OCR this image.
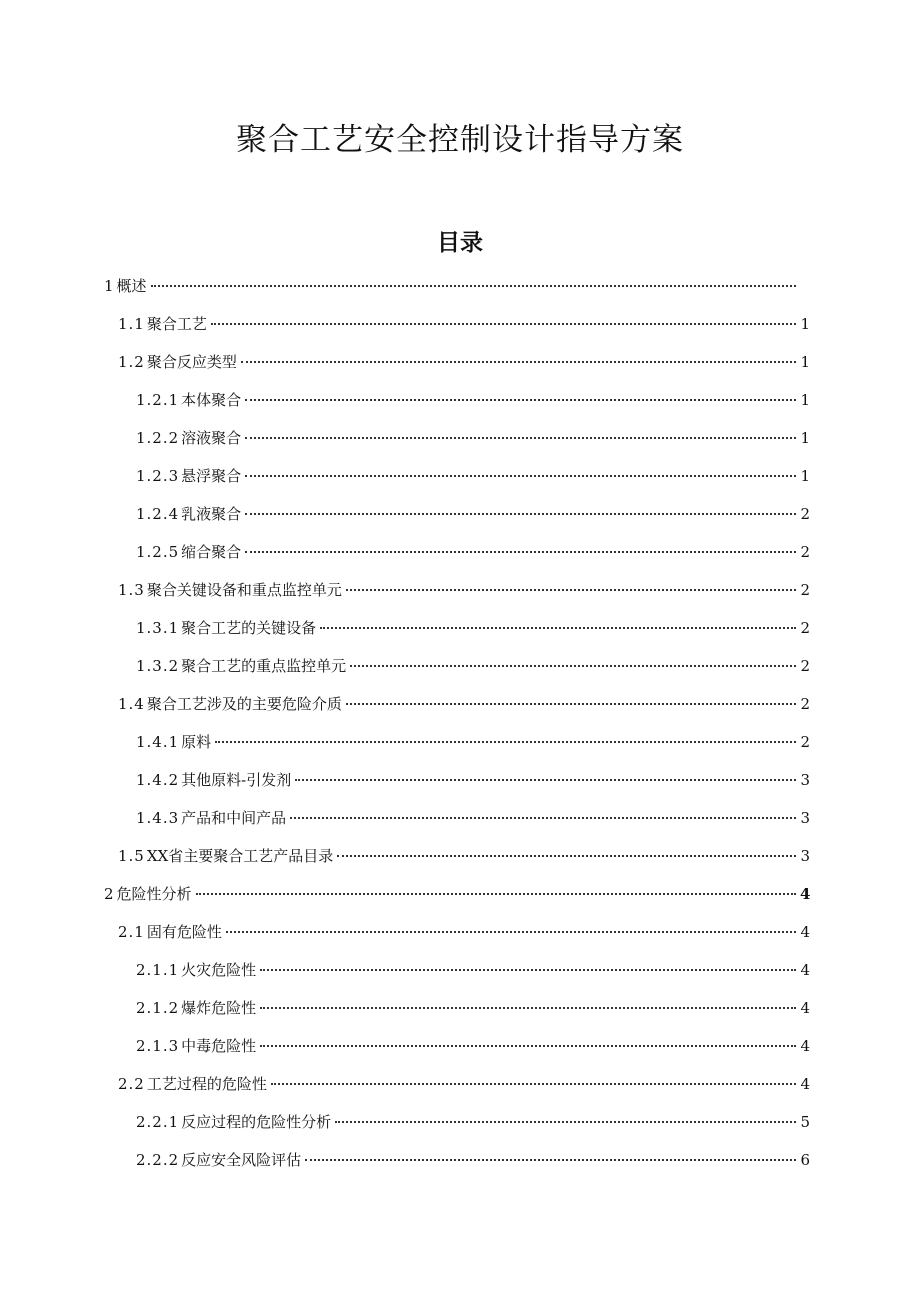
聚合工艺安全控制设计指导方案
目录
1 概述
1.1 聚合工艺	1
1.2 聚合反应类型	1
1.2.1 本体聚合	1
1.2.2 溶液聚合	1
1.2.3 悬浮聚合	1
1.2.4 乳液聚合	2
1.2.5 缩合聚合	2
1.3 聚合关键设备和重点监控单元	2
1.3.1 聚合工艺的关键设备	2
1.3.2 聚合工艺的重点监控单元	2
1.4 聚合工艺涉及的主要危险介质	2
1.4.1 原料	2
1.4.2 其他原料-引发剂	3
1.4.3 产品和中间产品	3
1.5 XX省主要聚合工艺产品目录	3
2 危险性分析	4
2.1 固有危险性	4
2.1.1 火灾危险性	4
2.1.2 爆炸危险性	4
2.1.3 中毒危险性	4
2.2 工艺过程的危险性	4
2.2.1 反应过程的危险性分析	5
2.2.2 反应安全风险评估	6
